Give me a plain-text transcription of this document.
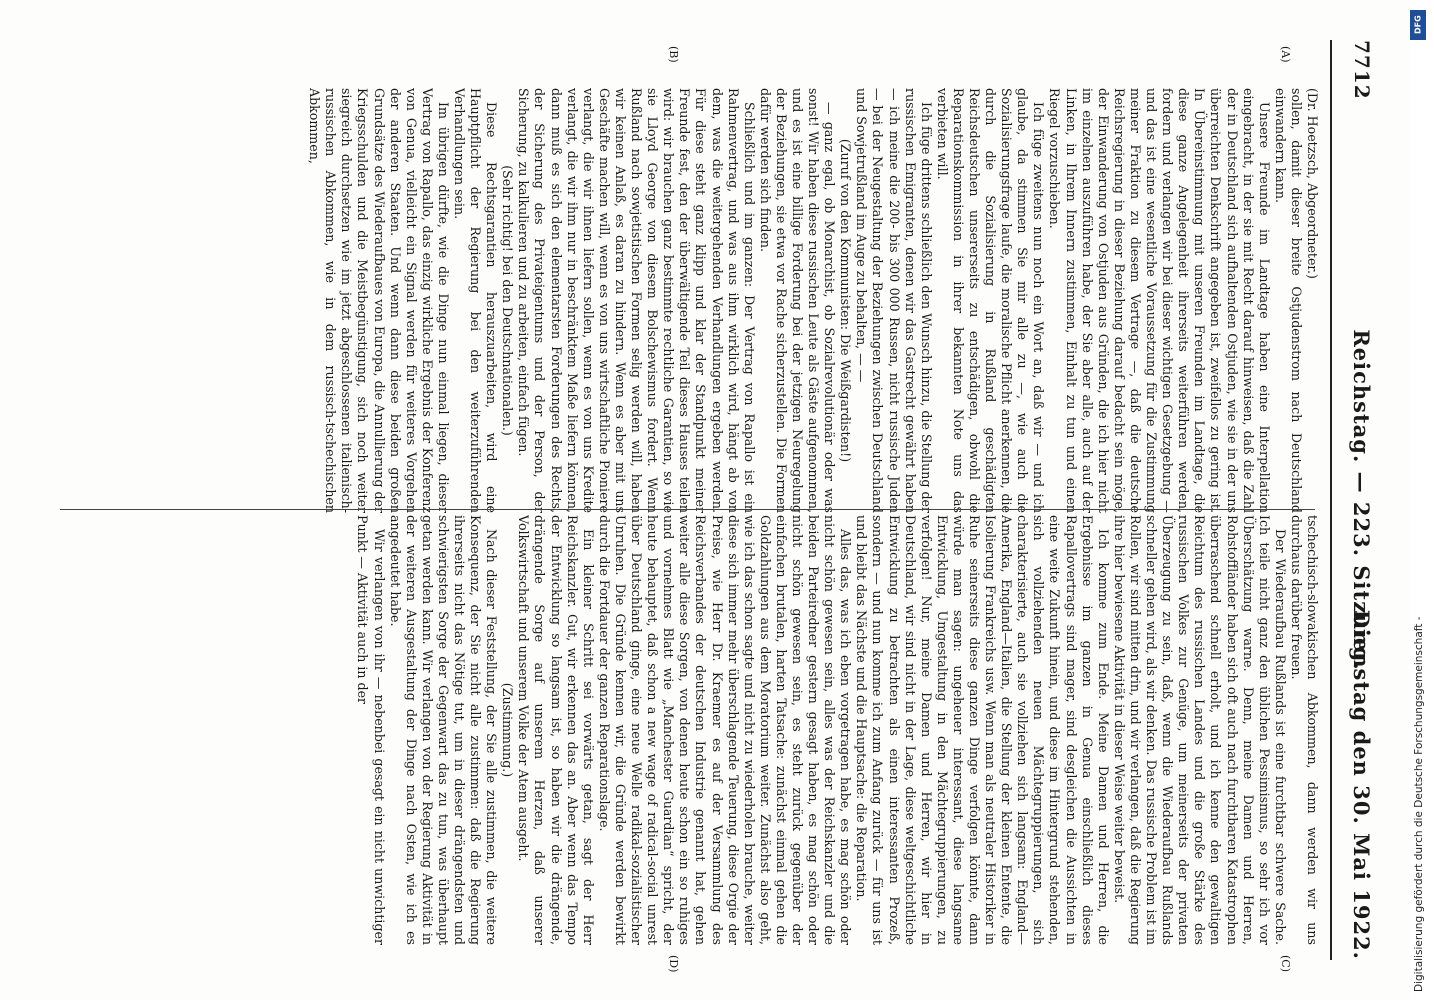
7712
Reichstag. — 223. Sitzung.
Dienstag den 30. Mai 1922.
(A)
(B)
(C)
(D)

(Dr. Hoetzsch, Abgeordneter.)

sollen, damit dieser breite Ostjudenstrom nach Deutschland einwandern kann.

Unsere Freunde im Landtage haben eine Interpellation eingebracht, in der sie mit Recht darauf hinweisen, daß die Zahl der in Deutschland sich aufhaltenden Ostjuden, wie sie in der uns überreichten Denkschrift angegeben ist, zweifellos zu gering ist. In Übereinstimmung mit unseren Freunden im Landtage, die diese ganze Angelegenheit ihrerseits weiterführen werden, fordern und verlangen wir bei dieser wichtigen Gesetzgebung — und das ist eine wesentliche Voraussetzung für die Zustimmung meiner Fraktion zu diesem Vertrage —, daß die deutsche Reichsregierung in dieser Beziehung darauf bedacht sein möge, der Einwanderung von Ostjuden aus Gründen, die ich hier nicht im einzelnen auszuführen habe, der Sie aber alle, auch auf der Linken, in Ihrem Innern zustimmen, Einhalt zu tun und einen Riegel vorzuschieben.

Ich füge zweitens nun noch ein Wort an, daß wir — und ich glaube, da stimmen Sie mir alle zu —, wie auch die Sozialisierungsfrage laufe, die moralische Pflicht anerkennen, die durch die Sozialisierung in Rußland geschädigten Reichsdeutschen unsererseits zu entschädigen, obwohl die Reparationskommission in ihrer bekannten Note uns das verbieten will.

Ich füge drittens schließlich den Wunsch hinzu, die Stellung der russischen Emigranten, denen wir das Gastrecht gewährt haben — ich meine die 200- bis 300 000 Russen, nicht russische Juden — bei der Neugestaltung der Beziehungen zwischen Deutschland und Sowjetrußland im Auge zu behalten, — —

(Zuruf von den Kommunisten: Die Weißgardisten!)

— ganz egal, ob Monarchist, ob Sozialrevolutionär oder was sonst! Wir haben diese russischen Leute als Gäste aufgenommen, und es ist eine billige Forderung bei der jetzigen Neuregelung der Beziehungen, sie etwa vor Rache sicherzustellen. Die Formen dafür werden sich finden.

Schließlich und im ganzen: Der Vertrag von Rapallo ist ein Rahmenvertrag, und was aus ihm wirklich wird, hängt ab von dem, was die weitergehenden Verhandlungen ergeben werden. Für diese steht ganz klipp und klar der Standpunkt meiner Freunde fest, den der überwältigende Teil dieses Hauses teilen wird: wir brauchen ganz bestimmte rechtliche Garantien, so wie sie Lloyd George von diesem Bolschewismus fordert. Wenn Rußland nach sowjetistischen Formen selig werden will, haben wir keinen Anlaß, es daran zu hindern. Wenn es aber mit uns Geschäfte machen will, wenn es von uns wirtschaftliche Pioniere verlangt, die wir ihnen liefern sollen, wenn es von uns Kredite verlangt, die wir ihm nur in beschränktem Maße liefern können, dann muß es sich den elementarsten Forderungen des Rechts, der Sicherung des Privateigentums und der Person, der Sicherung, zu kalkulieren und zu arbeiten, einfach fügen.

(Sehr richtig! bei den Deutschnationalen.)

Diese Rechtsgarantien herauszuarbeiten, wird eine Hauptpflicht der Regierung bei den weiterzuführenden Verhandlungen sein.

Im übrigen dürfte, wie die Dinge nun einmal liegen, dieser Vertrag von Rapallo, das einzig wirkliche Ergebnis der Konferenz von Genua, vielleicht ein Signal werden für weiteres Vorgehen der anderen Staaten. Und wenn dann diese beiden großen Grundsätze des Wiederaufbaues von Europa, die Annullierung der Kriegsschulden und die Meistbegünstigung, sich noch weiter siegreich durchsetzen wie im jetzt abgeschlossenen italienisch-russischen Abkommen, wie in dem russisch-tschechischen Abkommen,

tschechisch-slowakischen Abkommen, dann werden wir uns durchaus darüber freuen.

Der Wiederaufbau Rußlands ist eine furchtbar schwere Sache. Ich teile nicht ganz den üblichen Pessimismus, so sehr ich vor Überschätzung warne. Denn, meine Damen und Herren, Rohstoffländer haben sich oft auch nach furchtbaren Katastrophen überraschend schnell erholt, und ich kenne den gewaltigen Reichtum des russischen Landes und die große Stärke des russischen Volkes zur Genüge, um meinerseits der privaten Überzeugung zu sein, daß, wenn die Wiederaufbau Rußlands schneller gehen wird, als wir denken. Das russische Problem ist im Rollen, wir sind mitten drin, und wir verlangen, daß die Regierung ihre hier bewiesene Aktivität in dieser Weise weiter beweist.

Ich komme zum Ende. Meine Damen und Herren, die Ergebnisse im ganzen in Genua einschließlich dieses Rapallovertrags sind mager, sind desgleichen die Aussichten in eine weite Zukunft hinein, und diese im Hintergrund stehenden, sich vollziehenden neuen Mächtegruppierungen, sich charakterisierte, auch sie vollziehen sich langsam: England—Amerika, England—Italien, die Stellung der kleinen Entente, die Isolierung Frankreichs usw. Wenn man als neutraler Historiker in Ruhe seinerseits diese ganzen Dinge verfolgen könnte, dann würde man sagen: ungeheuer interessant, diese langsame Entwicklung, Umgestaltung in den Mächtegruppierungen, zu verfolgen! Nur, meine Damen und Herren, wir hier in Deutschland, wir sind nicht in der Lage, diese weltgeschichtliche Entwicklung zu betrachten als einen interessanten Prozeß, sondern — und nun komme ich zum Anfang zurück — für uns ist und bleibt das Nächste und die Hauptsache: die Reparation.

Alles das, was ich eben vorgetragen habe, es mag schön oder nicht schön gewesen sein, alles was der Reichskanzler und die beiden Parteiredner gestern gesagt haben, es mag schön oder nicht schön gewesen sein, es steht zurück gegenüber der einfachen brutalen, harten Tatsache: zunächst einmal gehen die Goldzahlungen aus dem Moratorium weiter. Zunächst also geht, wie ich das schon sagte und nicht zu wiederholen brauche, weiter diese sich immer mehr überschlagende Teuerung, diese Orgie der Preise, wie Herr Dr. Kraemer es auf der Versammlung des Reichsverbandes der deutschen Industrie genannt hat, gehen weiter alle diese Sorgen, von denen heute schon ein so ruhiges und vornehmes Blatt wie „Manchester Guardian“ spricht, der heute behauptet, daß schon a new wage of radical-social unrest über Deutschland ginge, eine neue Welle radikal-sozialistischer Unruhen. Die Gründe kennen wir, die Gründe werden bewirkt durch die Fortdauer der ganzen Reparationslage.

Ein kleiner Schritt sei vorwärts getan, sagt der Herr Reichskanzler. Gut, wir erkennen das an. Aber wenn das Tempo der Entwicklung so langsam ist, so haben wir die drängende, drängende Sorge auf unserem Herzen, daß unserer Volkswirtschaft und unserem Volke der Atem ausgeht.

(Zustimmung.)

Nach dieser Feststellung, der Sie alle zustimmen, die weitere Konsequenz, der Sie nicht alle zustimmen: daß die Regierung ihrerseits nicht das Nötige tut, um in dieser drängendsten und schwierigsten Sorge der Gegenwart das zu tun, was überhaupt getan werden kann. Wir verlangen von der Regierung Aktivität in der weiteren Ausgestaltung der Dinge nach Osten, wie ich es angedeutet habe.

Wir verlangen von ihr — nebenbei gesagt ein nicht unwichtiger Punkt — Aktivität auch in der

Digitalisierung gefördert durch die Deutsche Forschungsgemeinschaft -
DFG
